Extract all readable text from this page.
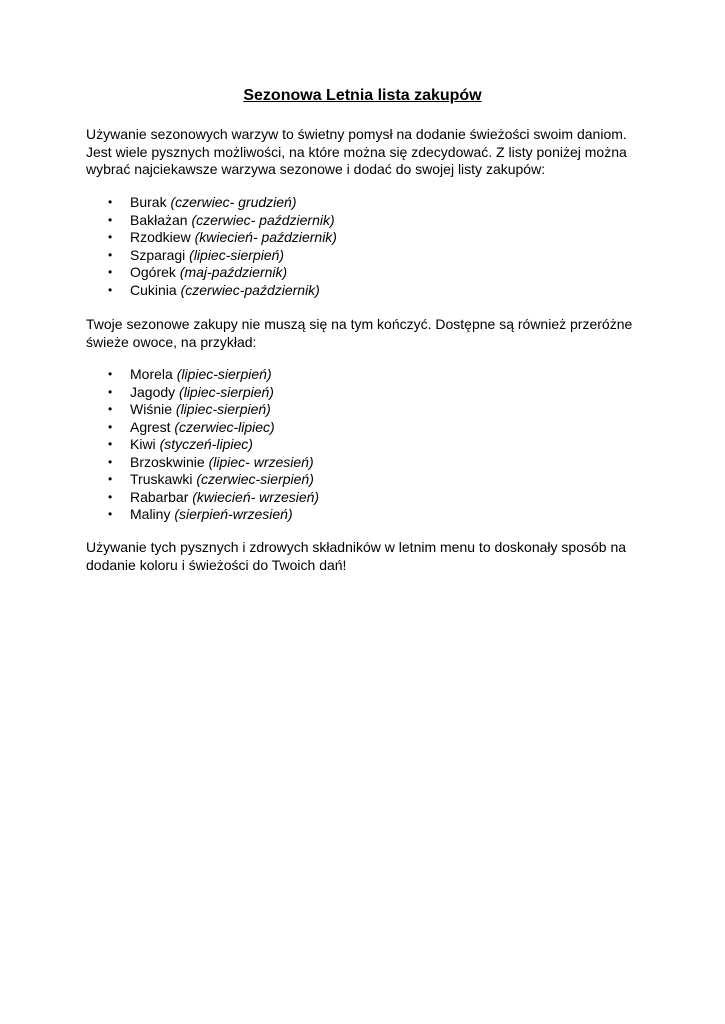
Sezonowa Letnia lista zakupów
Używanie sezonowych warzyw to świetny pomysł na dodanie świeżości swoim daniom. Jest wiele pysznych możliwości, na które można się zdecydować. Z listy poniżej można wybrać najciekawsze warzywa sezonowe i dodać do swojej listy zakupów:
• Burak (czerwiec- grudzień)
• Bakłażan (czerwiec- październik)
• Rzodkiew (kwiecień- październik)
• Szparagi (lipiec-sierpień)
• Ogórek (maj-październik)
• Cukinia (czerwiec-październik)
Twoje sezonowe zakupy nie muszą się na tym kończyć. Dostępne są również przeróżne świeże owoce, na przykład:
• Morela (lipiec-sierpień)
• Jagody (lipiec-sierpień)
• Wiśnie (lipiec-sierpień)
• Agrest (czerwiec-lipiec)
• Kiwi (styczeń-lipiec)
• Brzoskwinie (lipiec- wrzesień)
• Truskawki (czerwiec-sierpień)
• Rabarbar (kwiecień- wrzesień)
• Maliny (sierpień-wrzesień)
Używanie tych pysznych i zdrowych składników w letnim menu to doskonały sposób na dodanie koloru i świeżości do Twoich dań!
